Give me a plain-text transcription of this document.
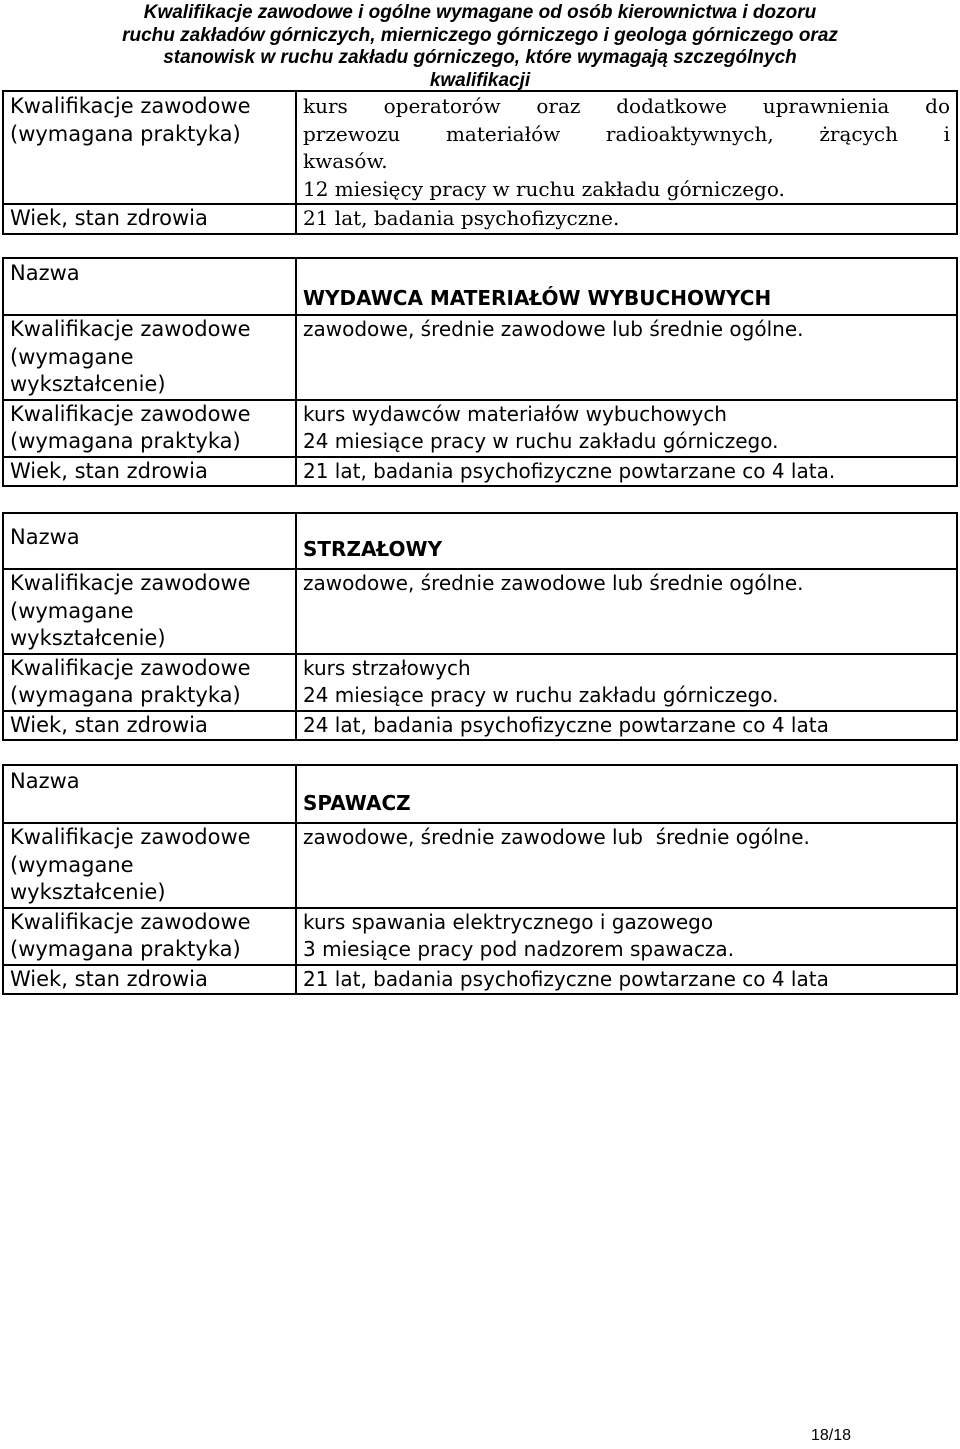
Kwalifikacje zawodowe i ogólne wymagane od osób kierownictwa i dozoru
ruchu zakładów górniczych, mierniczego górniczego i geologa górniczego oraz
stanowisk w ruchu zakładu górniczego, które wymagają szczególnych
kwalifikacji
Kwalifikacje zawodowe
(wymagana praktyka)	kurs operatorów oraz dodatkowe uprawnienia do
przewozu materiałów radioaktywnych, żrących i
kwasów.
12 miesięcy pracy w ruchu zakładu górniczego.

Wiek, stan zdrowia	21 lat, badania psychofizyczne.
Nazwa	WYDAWCA MATERIAŁÓW WYBUCHOWYCH

Kwalifikacje zawodowe
(wymagane
wykształcenie)	zawodowe, średnie zawodowe lub średnie ogólne.

Kwalifikacje zawodowe
(wymagana praktyka)	kurs wydawców materiałów wybuchowych
24 miesiące pracy w ruchu zakładu górniczego.

Wiek, stan zdrowia	21 lat, badania psychofizyczne powtarzane co 4 lata.
Nazwa	STRZAŁOWY

Kwalifikacje zawodowe
(wymagane
wykształcenie)	zawodowe, średnie zawodowe lub średnie ogólne.

Kwalifikacje zawodowe
(wymagana praktyka)	kurs strzałowych
24 miesiące pracy w ruchu zakładu górniczego.

Wiek, stan zdrowia	24 lat, badania psychofizyczne powtarzane co 4 lata
Nazwa	SPAWACZ

Kwalifikacje zawodowe
(wymagane
wykształcenie)	zawodowe, średnie zawodowe lub  średnie ogólne.

Kwalifikacje zawodowe
(wymagana praktyka)	kurs spawania elektrycznego i gazowego
3 miesiące pracy pod nadzorem spawacza.

Wiek, stan zdrowia	21 lat, badania psychofizyczne powtarzane co 4 lata
18/18
